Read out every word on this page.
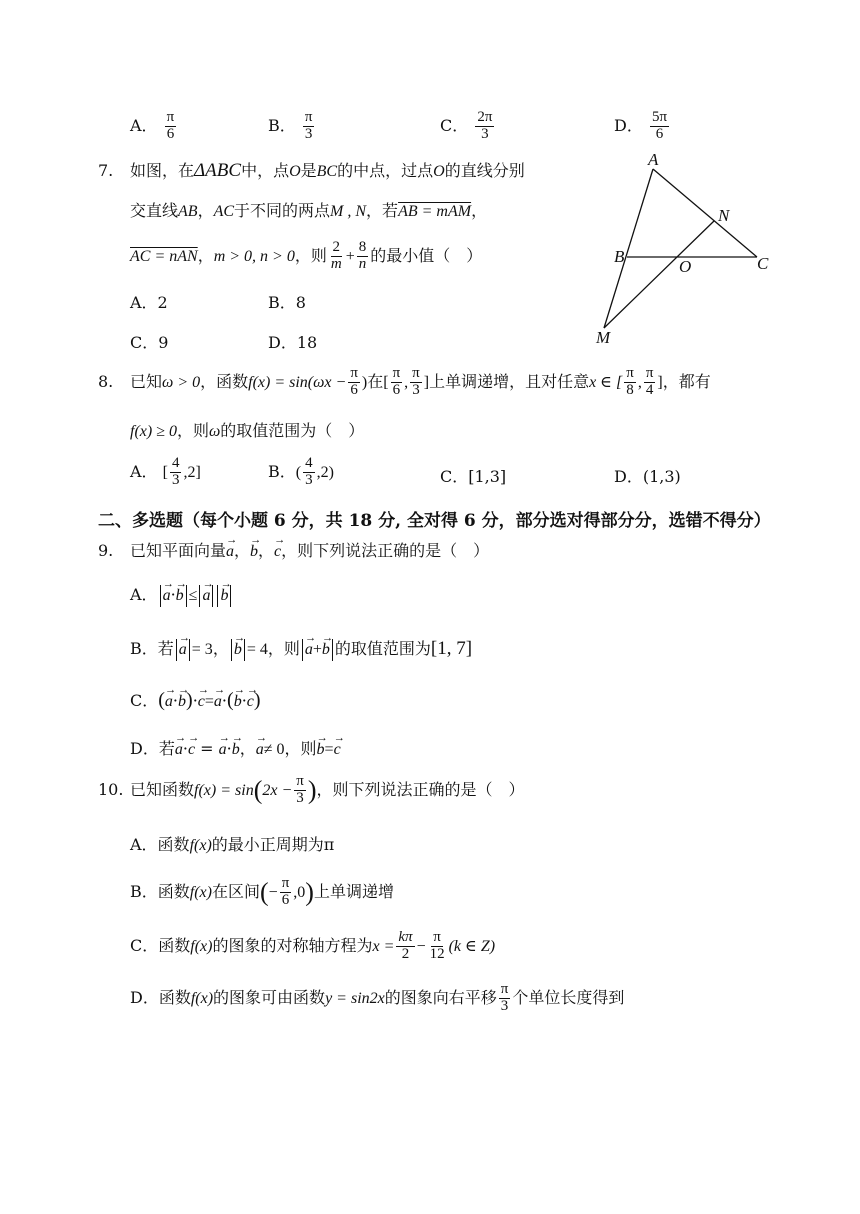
A． $\frac{\pi}{6}$	B． $\frac{\pi}{3}$	C． $\frac{2\pi}{3}$	D． $\frac{5\pi}{6}$
7. 如图，在ΔABC中，点O是BC的中点，过点O的直线分别
交直线AB，AC于不同的两点M , N，若AB = mAM，
AC = nAN，m > 0, n > 0，则 $\frac{2}{m} + \frac{8}{n}$ 的最小值（　）
A．2	B．8
C．9	D．18
A
B	C
N
O
M
8. 已知ω > 0，函数$f(x) = \sin(\omega x - \frac{\pi}{6}$ )在[ $\frac{\pi}{6}$ , $\frac{\pi}{3}$ ]上单调递增，且对任意x ∈ [ $\frac{\pi}{8}$ , $\frac{\pi}{4}$ ]，都有
f(x) ≥ 0，则ω的取值范围为（　）
A． [ $\frac{4}{3} ,2$]	B．( $\frac{4}{3} ,2$)	C．[1,3]	D．(1,3)
二、多选题（每个小题 6 分，共 18 分, 全对得 6 分，部分选对得部分分，选错不得分）
9. 已知平面向量→ a，→ b，→ c，则下列说法正确的是（　）
A． → a·→ b ≤ → a → b
B．若 → a = 3， → b = 4，则 → a+→ b 的取值范围为[1, 7]
C．(→ a·→ b)·→ c=→ a·(→ b·→ c)
D．若→ a·→ c = → a·→ b，→ a≠ 0，则→ b=→ c
10. 已知函数$f(x) = \sin(2x - \frac{\pi}{3}$ )，则下列说法正确的是（　）
A．函数f(x)的最小正周期为π
B．函数f(x)在区间(− $\frac{\pi}{6} ,0$)上单调递增
C．函数f(x)的图象的对称轴方程为$x = \frac{k\pi}{2} - \frac{\pi}{12} (k$ ∈ Z)
D．函数f(x)的图象可由函数y = sin2x的图象向右平移 $\frac{\pi}{3}$ 个单位长度得到
